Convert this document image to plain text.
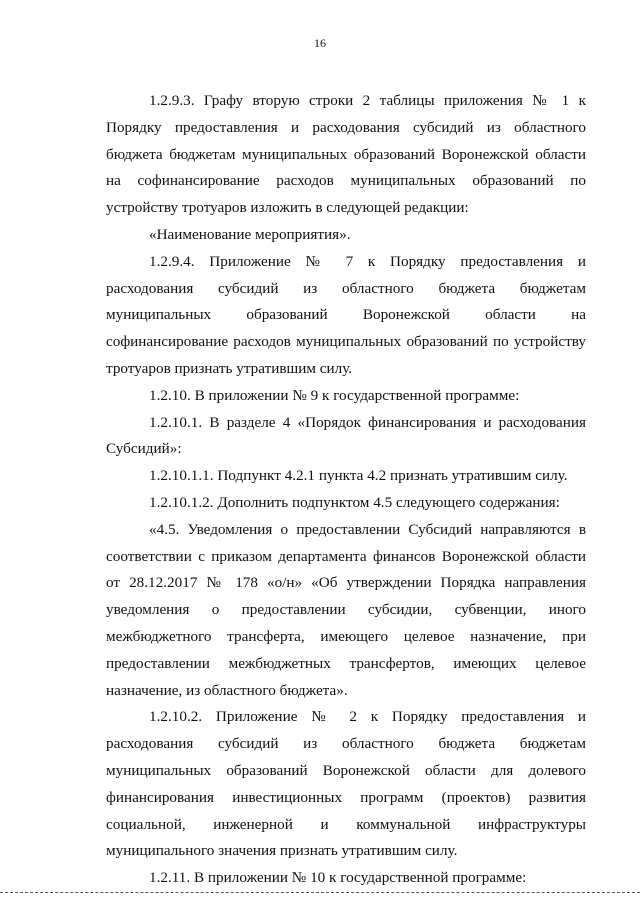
16

1.2.9.3. Графу вторую строки 2 таблицы приложения № 1 к Порядку предоставления и расходования субсидий из областного бюджета бюджетам муниципальных образований Воронежской области на софинансирование расходов муниципальных образований по устройству тротуаров изложить в следующей редакции:

«Наименование мероприятия».

1.2.9.4. Приложение № 7 к Порядку предоставления и расходования субсидий из областного бюджета бюджетам муниципальных образований Воронежской области на софинансирование расходов муниципальных образований по устройству тротуаров признать утратившим силу.

1.2.10. В приложении № 9 к государственной программе:

1.2.10.1. В разделе 4 «Порядок финансирования и расходования Субсидий»:

1.2.10.1.1. Подпункт 4.2.1 пункта 4.2 признать утратившим силу.

1.2.10.1.2. Дополнить подпунктом 4.5 следующего содержания:

«4.5. Уведомления о предоставлении Субсидий направляются в соответствии с приказом департамента финансов Воронежской области от 28.12.2017 № 178 «о/н» «Об утверждении Порядка направления уведомления о предоставлении субсидии, субвенции, иного межбюджетного трансферта, имеющего целевое назначение, при предоставлении межбюджетных трансфертов, имеющих целевое назначение, из областного бюджета».

1.2.10.2. Приложение № 2 к Порядку предоставления и расходования субсидий из областного бюджета бюджетам муниципальных образований Воронежской области для долевого финансирования инвестиционных программ (проектов) развития социальной, инженерной и коммунальной инфраструктуры муниципального значения признать утратившим силу.

1.2.11. В приложении № 10 к государственной программе:
